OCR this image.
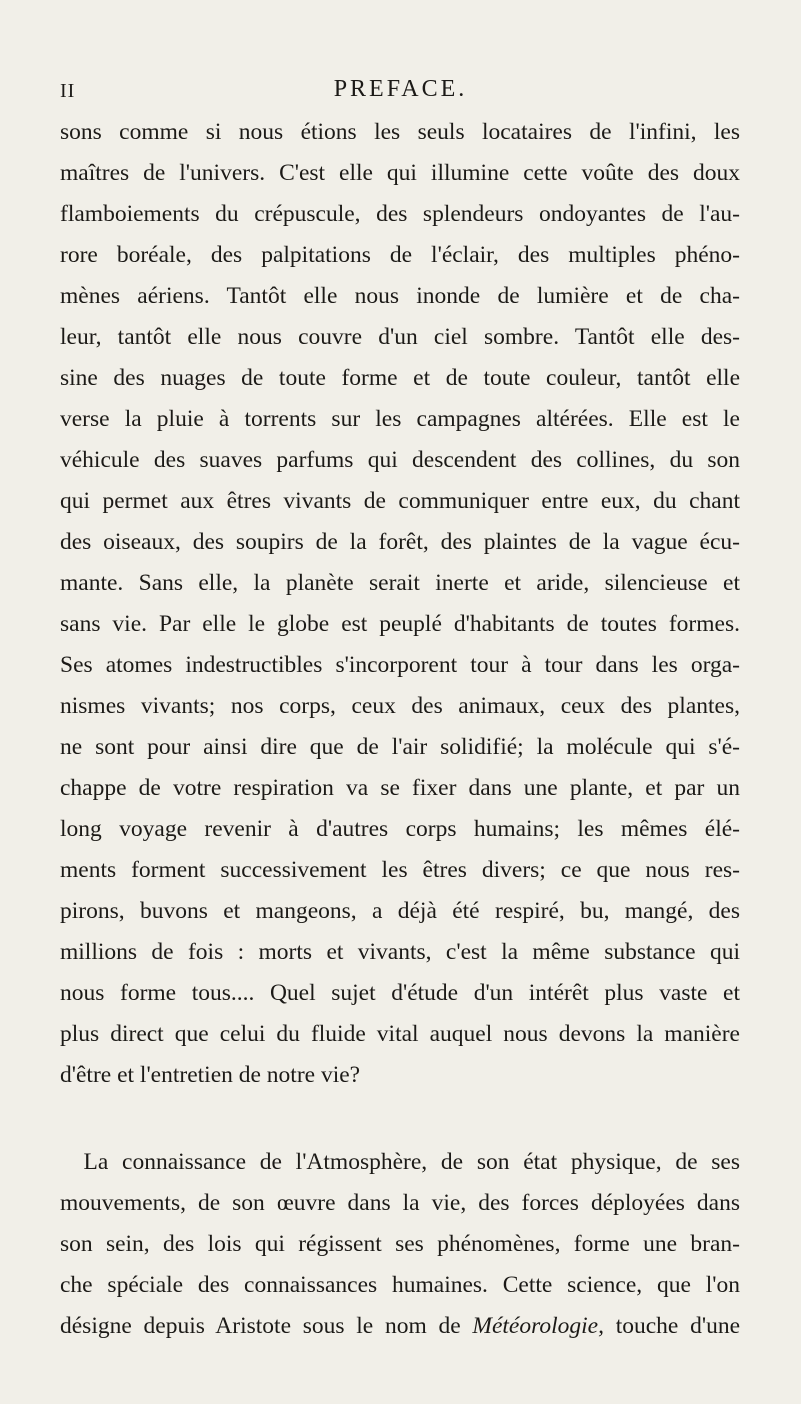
II	PREFACE.
sons comme si nous étions les seuls locataires de l'infini, les
maîtres de l'univers. C'est elle qui illumine cette voûte des doux
flamboiements du crépuscule, des splendeurs ondoyantes de l'au-
rore boréale, des palpitations de l'éclair, des multiples phéno-
mènes aériens. Tantôt elle nous inonde de lumière et de cha-
leur, tantôt elle nous couvre d'un ciel sombre. Tantôt elle des-
sine des nuages de toute forme et de toute couleur, tantôt elle
verse la pluie à torrents sur les campagnes altérées. Elle est le
véhicule des suaves parfums qui descendent des collines, du son
qui permet aux êtres vivants de communiquer entre eux, du chant
des oiseaux, des soupirs de la forêt, des plaintes de la vague écu-
mante. Sans elle, la planète serait inerte et aride, silencieuse et
sans vie. Par elle le globe est peuplé d'habitants de toutes formes.
Ses atomes indestructibles s'incorporent tour à tour dans les orga-
nismes vivants; nos corps, ceux des animaux, ceux des plantes,
ne sont pour ainsi dire que de l'air solidifié; la molécule qui s'é-
chappe de votre respiration va se fixer dans une plante, et par un
long voyage revenir à d'autres corps humains; les mêmes élé-
ments forment successivement les êtres divers; ce que nous res-
pirons, buvons et mangeons, a déjà été respiré, bu, mangé, des
millions de fois : morts et vivants, c'est la même substance qui
nous forme tous.... Quel sujet d'étude d'un intérêt plus vaste et
plus direct que celui du fluide vital auquel nous devons la manière
d'être et l'entretien de notre vie?
 La connaissance de l'Atmosphère, de son état physique, de ses
mouvements, de son œuvre dans la vie, des forces déployées dans
son sein, des lois qui régissent ses phénomènes, forme une bran-
che spéciale des connaissances humaines. Cette science, que l'on
désigne depuis Aristote sous le nom de Météorologie, touche d'une
